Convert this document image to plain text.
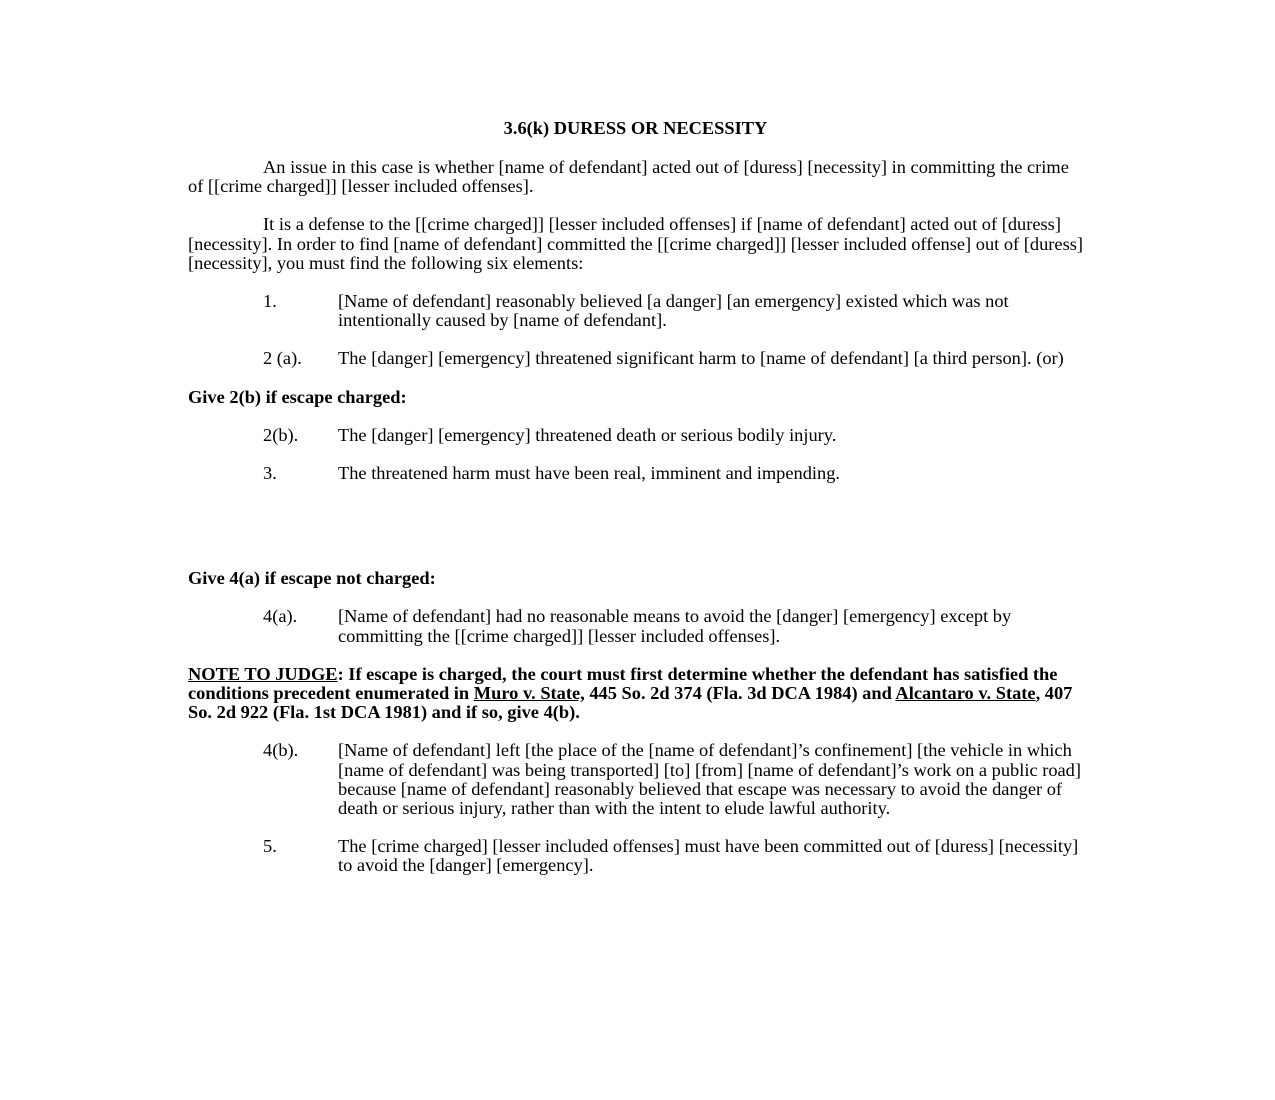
3.6(k) DURESS OR NECESSITY
An issue in this case is whether [name of defendant] acted out of [duress] [necessity] in committing the crime of [[crime charged]] [lesser included offenses].
It is a defense to the [[crime charged]] [lesser included offenses] if [name of defendant] acted out of [duress] [necessity]. In order to find [name of defendant] committed the [[crime charged]] [lesser included offense] out of [duress] [necessity], you must find the following six elements:
1.	[Name of defendant] reasonably believed [a danger] [an emergency] existed which was not intentionally caused by [name of defendant].
2 (a). The [danger] [emergency] threatened significant harm to [name of defendant] [a third person]. (or)
Give 2(b) if escape charged:
2(b). The [danger] [emergency] threatened death or serious bodily injury.
3.	The threatened harm must have been real, imminent and impending.
Give 4(a) if escape not charged:
4(a). [Name of defendant] had no reasonable means to avoid the [danger] [emergency] except by committing the [[crime charged]] [lesser included offenses].
NOTE TO JUDGE: If escape is charged, the court must first determine whether the defendant has satisfied the conditions precedent enumerated in Muro v. State, 445 So. 2d 374 (Fla. 3d DCA 1984) and Alcantaro v. State, 407 So. 2d 922 (Fla. 1st DCA 1981) and if so, give 4(b).
4(b). [Name of defendant] left [the place of the [name of defendant]’s confinement] [the vehicle in which [name of defendant] was being transported] [to] [from] [name of defendant]’s work on a public road] because [name of defendant] reasonably believed that escape was necessary to avoid the danger of death or serious injury, rather than with the intent to elude lawful authority.
5.	The [crime charged] [lesser included offenses] must have been committed out of [duress] [necessity] to avoid the [danger] [emergency].
